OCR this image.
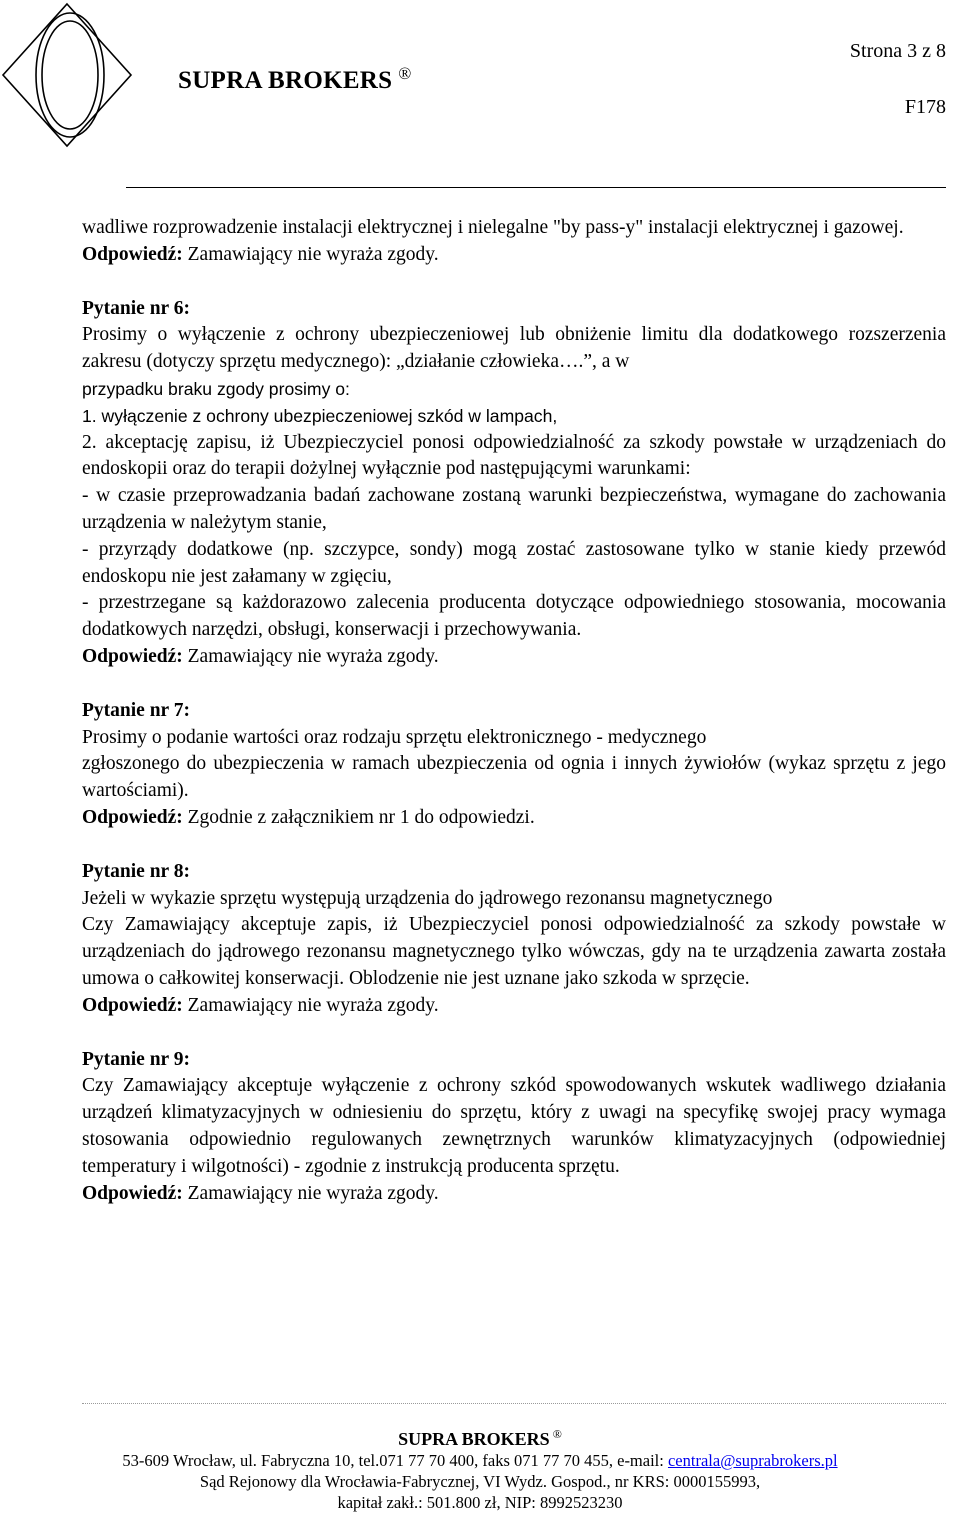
SUPRA BROKERS ®
Strona 3 z 8
F178

wadliwe rozprowadzenie instalacji elektrycznej i nielegalne "by pass-y" instalacji elektrycznej i gazowej.

Odpowiedź: Zamawiający nie wyraża zgody.

Pytanie nr 6:

Prosimy o wyłączenie z ochrony ubezpieczeniowej lub obniżenie limitu dla dodatkowego rozszerzenia zakresu (dotyczy sprzętu medycznego): „działanie człowieka….”, a w

przypadku braku zgody prosimy o:

1. wyłączenie z ochrony ubezpieczeniowej szkód w lampach,

2. akceptację zapisu, iż Ubezpieczyciel ponosi odpowiedzialność za szkody powstałe w urządzeniach do endoskopii oraz do terapii dożylnej wyłącznie pod następującymi warunkami:

- w czasie przeprowadzania badań zachowane zostaną warunki bezpieczeństwa, wymagane do zachowania urządzenia w należytym stanie,

- przyrządy dodatkowe (np. szczypce, sondy) mogą zostać zastosowane tylko w stanie kiedy przewód endoskopu nie jest załamany w zgięciu,

- przestrzegane są każdorazowo zalecenia producenta dotyczące odpowiedniego stosowania, mocowania dodatkowych narzędzi, obsługi, konserwacji i przechowywania.

Odpowiedź: Zamawiający nie wyraża zgody.

Pytanie nr 7:

Prosimy o podanie wartości oraz rodzaju sprzętu elektronicznego - medycznego

zgłoszonego do ubezpieczenia w ramach ubezpieczenia od ognia i innych żywiołów (wykaz sprzętu z jego wartościami).

Odpowiedź: Zgodnie z załącznikiem nr 1 do odpowiedzi.

Pytanie nr 8:

Jeżeli w wykazie sprzętu występują urządzenia do jądrowego rezonansu magnetycznego

Czy Zamawiający akceptuje zapis, iż Ubezpieczyciel ponosi odpowiedzialność za szkody powstałe w urządzeniach do jądrowego rezonansu magnetycznego tylko wówczas, gdy na te urządzenia zawarta została umowa o całkowitej konserwacji. Oblodzenie nie jest uznane jako szkoda w sprzęcie.

Odpowiedź: Zamawiający nie wyraża zgody.

Pytanie nr 9:

Czy Zamawiający akceptuje wyłączenie z ochrony szkód spowodowanych wskutek wadliwego działania urządzeń klimatyzacyjnych w odniesieniu do sprzętu, który z uwagi na specyfikę swojej pracy wymaga stosowania odpowiednio regulowanych zewnętrznych warunków klimatyzacyjnych (odpowiedniej temperatury i wilgotności) - zgodnie z instrukcją producenta sprzętu.

Odpowiedź: Zamawiający nie wyraża zgody.

SUPRA BROKERS ®
53-609 Wrocław, ul. Fabryczna 10, tel.071 77 70 400, faks 071 77 70 455, e-mail: centrala@suprabrokers.pl
Sąd Rejonowy dla Wrocławia-Fabrycznej, VI Wydz. Gospod., nr KRS: 0000155993,
kapitał zakł.: 501.800 zł, NIP: 8992523230
